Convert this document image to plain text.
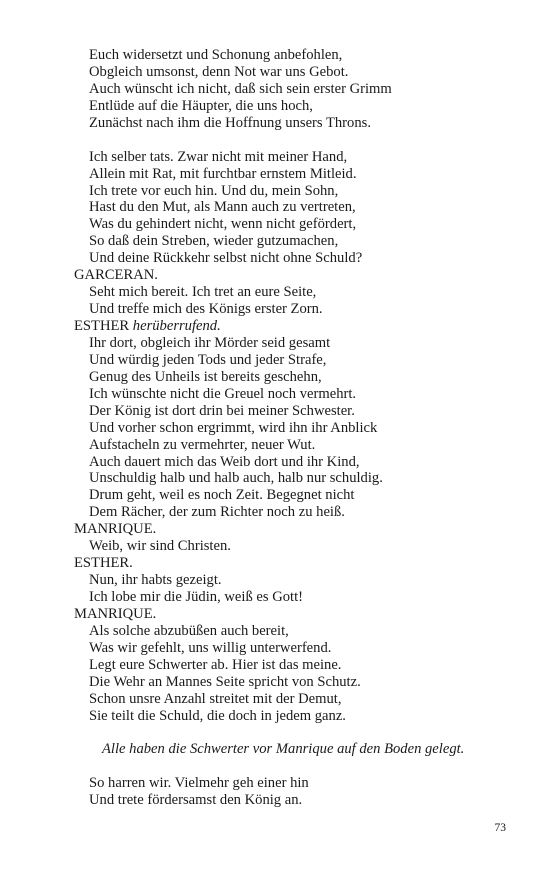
Euch widersetzt und Schonung anbefohlen,
Obgleich umsonst, denn Not war uns Gebot.
Auch wünscht ich nicht, daß sich sein erster Grimm
Entlüde auf die Häupter, die uns hoch,
Zunächst nach ihm die Hoffnung unsers Throns.
Ich selber tats. Zwar nicht mit meiner Hand,
Allein mit Rat, mit furchtbar ernstem Mitleid.
Ich trete vor euch hin. Und du, mein Sohn,
Hast du den Mut, als Mann auch zu vertreten,
Was du gehindert nicht, wenn nicht gefördert,
So daß dein Streben, wieder gutzumachen,
Und deine Rückkehr selbst nicht ohne Schuld?
GARCERAN.
Seht mich bereit. Ich tret an eure Seite,
Und treffe mich des Königs erster Zorn.
ESTHER herüberrufend.
Ihr dort, obgleich ihr Mörder seid gesamt
Und würdig jeden Tods und jeder Strafe,
Genug des Unheils ist bereits geschehn,
Ich wünschte nicht die Greuel noch vermehrt.
Der König ist dort drin bei meiner Schwester.
Und vorher schon ergrimmt, wird ihn ihr Anblick
Aufstacheln zu vermehrter, neuer Wut.
Auch dauert mich das Weib dort und ihr Kind,
Unschuldig halb und halb auch, halb nur schuldig.
Drum geht, weil es noch Zeit. Begegnet nicht
Dem Rächer, der zum Richter noch zu heiß.
MANRIQUE.
Weib, wir sind Christen.
ESTHER.
Nun, ihr habts gezeigt.
Ich lobe mir die Jüdin, weiß es Gott!
MANRIQUE.
Als solche abzubüßen auch bereit,
Was wir gefehlt, uns willig unterwerfend.
Legt eure Schwerter ab. Hier ist das meine.
Die Wehr an Mannes Seite spricht von Schutz.
Schon unsre Anzahl streitet mit der Demut,
Sie teilt die Schuld, die doch in jedem ganz.
Alle haben die Schwerter vor Manrique auf den Boden gelegt.
So harren wir. Vielmehr geh einer hin
Und trete fördersamst den König an.
73
